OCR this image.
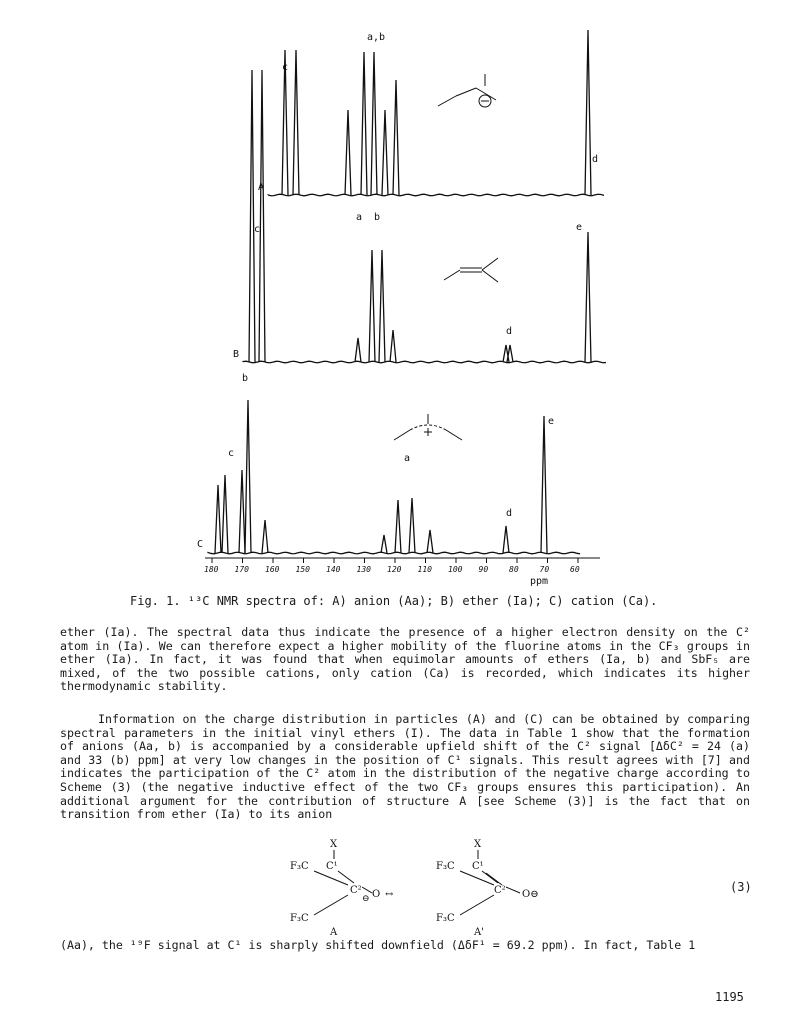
180 170 160 150 140 130 120 110 100 90	80	70	60
ppm
A
c
a,b
d
B
c
a b
d
e
C
b
c	a
d
e
Fig. 1. ¹³C NMR spectra of: A) anion (Aa); B) ether (Ia); C) cation (Ca).

ether (Ia). The spectral data thus indicate the presence of a higher electron density on the C² atom in (Ia). We can therefore expect a higher mobility of the fluorine atoms in the CF₃ groups in ether (Ia). In fact, it was found that when equimolar amounts of ethers (Ia, b) and SbF₅ are mixed, of the two possible cations, only cation (Ca) is recorded, which indicates its higher thermodynamic stability.

Information on the charge distribution in particles (A) and (C) can be obtained by comparing spectral parameters in the initial vinyl ethers (I). The data in Table 1 show that the formation of anions (Aa, b) is accompanied by a considerable upfield shift of the C² signal [ΔδC² = 24 (a) and 33 (b) ppm] at very low changes in the position of C¹ signals. This result agrees with [7] and indicates the participation of the C² atom in the distribution of the negative charge according to Scheme (3) (the negative inductive effect of the two CF₃ groups ensures this participation). An additional argument for the contribution of structure A [see Scheme (3)] is the fact that on transition from ether (Ia) to its anion

X	X
F₃C C¹
C² O ↔
⊖
F₃C
F₃C C¹
C² O⊖
F₃C
A	A'
(3)

(Aa), the ¹⁹F signal at C¹ is sharply shifted downfield (ΔδF¹ = 69.2 ppm). In fact, Table 1

1195
